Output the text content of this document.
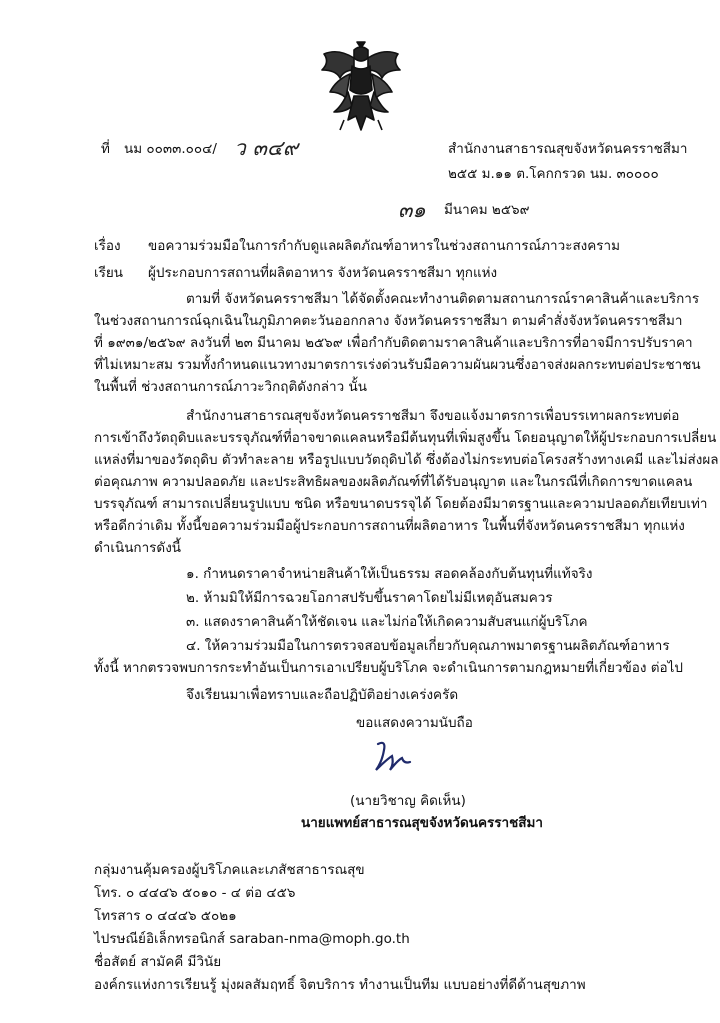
ที่ นม ๐๐๓๓.๐๐๔/ ว ๓๔๙	สำนักงานสาธารณสุขจังหวัดนครราชสีมา
๒๕๕ ม.๑๑ ต.โคกกรวด นม. ๓๐๐๐๐
๓๑ มีนาคม ๒๕๖๙
เรื่อง ขอความร่วมมือในการกำกับดูแลผลิตภัณฑ์อาหารในช่วงสถานการณ์ภาวะสงคราม
เรียน ผู้ประกอบการสถานที่ผลิตอาหาร จังหวัดนครราชสีมา ทุกแห่ง
ตามที่ จังหวัดนครราชสีมา ได้จัดตั้งคณะทำงานติดตามสถานการณ์ราคาสินค้าและบริการ
ในช่วงสถานการณ์ฉุกเฉินในภูมิภาคตะวันออกกลาง จังหวัดนครราชสีมา ตามคำสั่งจังหวัดนครราชสีมา
ที่ ๑๙๓๑/๒๕๖๙ ลงวันที่ ๒๓ มีนาคม ๒๕๖๙ เพื่อกำกับติดตามราคาสินค้าและบริการที่อาจมีการปรับราคา
ที่ไม่เหมาะสม รวมทั้งกำหนดแนวทางมาตรการเร่งด่วนรับมือความผันผวนซึ่งอาจส่งผลกระทบต่อประชาชน
ในพื้นที่ ช่วงสถานการณ์ภาวะวิกฤติดังกล่าว นั้น
สำนักงานสาธารณสุขจังหวัดนครราชสีมา จึงขอแจ้งมาตรการเพื่อบรรเทาผลกระทบต่อ
การเข้าถึงวัตถุดิบและบรรจุภัณฑ์ที่อาจขาดแคลนหรือมีต้นทุนที่เพิ่มสูงขึ้น โดยอนุญาตให้ผู้ประกอบการเปลี่ยน
แหล่งที่มาของวัตถุดิบ ตัวทำละลาย หรือรูปแบบวัตถุดิบได้ ซึ่งต้องไม่กระทบต่อโครงสร้างทางเคมี และไม่ส่งผล
ต่อคุณภาพ ความปลอดภัย และประสิทธิผลของผลิตภัณฑ์ที่ได้รับอนุญาต และในกรณีที่เกิดการขาดแคลน
บรรจุภัณฑ์ สามารถเปลี่ยนรูปแบบ ชนิด หรือขนาดบรรจุได้ โดยต้องมีมาตรฐานและความปลอดภัยเทียบเท่า
หรือดีกว่าเดิม ทั้งนี้ขอความร่วมมือผู้ประกอบการสถานที่ผลิตอาหาร ในพื้นที่จังหวัดนครราชสีมา ทุกแห่ง
ดำเนินการดังนี้
๑. กำหนดราคาจำหน่ายสินค้าให้เป็นธรรม สอดคล้องกับต้นทุนที่แท้จริง
๒. ห้ามมิให้มีการฉวยโอกาสปรับขึ้นราคาโดยไม่มีเหตุอันสมควร
๓. แสดงราคาสินค้าให้ชัดเจน และไม่ก่อให้เกิดความสับสนแก่ผู้บริโภค
๔. ให้ความร่วมมือในการตรวจสอบข้อมูลเกี่ยวกับคุณภาพมาตรฐานผลิตภัณฑ์อาหาร
ทั้งนี้ หากตรวจพบการกระทำอันเป็นการเอาเปรียบผู้บริโภค จะดำเนินการตามกฎหมายที่เกี่ยวข้อง ต่อไป
จึงเรียนมาเพื่อทราบและถือปฏิบัติอย่างเคร่งครัด
ขอแสดงความนับถือ
(นายวิชาญ คิดเห็น)
นายแพทย์สาธารณสุขจังหวัดนครราชสีมา
กลุ่มงานคุ้มครองผู้บริโภคและเภสัชสาธารณสุข
โทร. ๐ ๔๔๔๖ ๕๐๑๐ - ๔ ต่อ ๔๕๖
โทรสาร ๐ ๔๔๔๖ ๕๐๒๑
ไปรษณีย์อิเล็กทรอนิกส์ saraban-nma@moph.go.th
ชื่อสัตย์ สามัคคี มีวินัย
องค์กรแห่งการเรียนรู้ มุ่งผลสัมฤทธิ์ จิตบริการ ทำงานเป็นทีม แบบอย่างที่ดีด้านสุขภาพ
